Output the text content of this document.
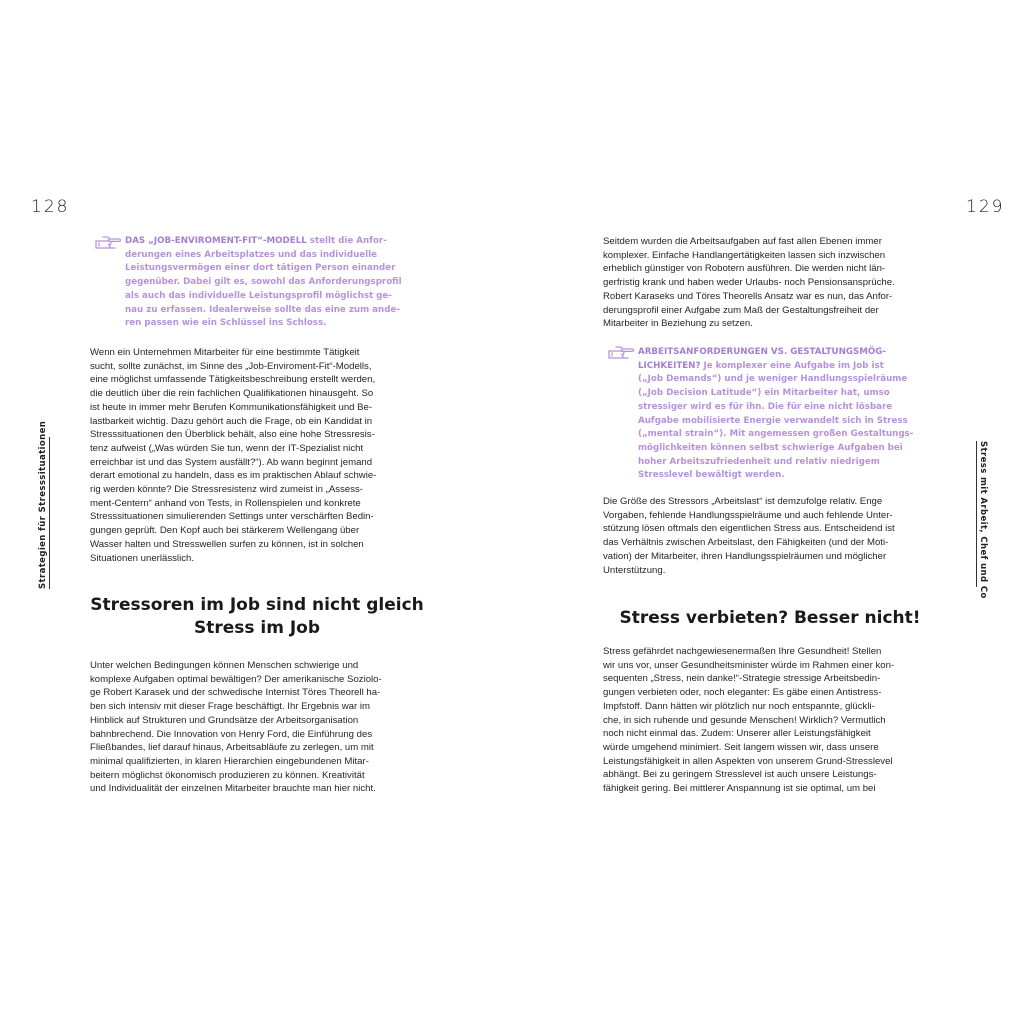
128
Strategien für Stresssituationen
DAS „JOB-ENVIROMENT-FIT“-MODELL stellt die Anfor-
derungen eines Arbeitsplatzes und das individuelle
Leistungsvermögen einer dort tätigen Person einander
gegenüber. Dabei gilt es, sowohl das Anforderungsprofil
als auch das individuelle Leistungsprofil möglichst ge-
nau zu erfassen. Idealerweise sollte das eine zum ande-
ren passen wie ein Schlüssel ins Schloss.
Wenn ein Unternehmen Mitarbeiter für eine bestimmte Tätigkeit
sucht, sollte zunächst, im Sinne des „Job-Enviroment-Fit“-Modells,
eine möglichst umfassende Tätigkeitsbeschreibung erstellt werden,
die deutlich über die rein fachlichen Qualifikationen hinausgeht. So
ist heute in immer mehr Berufen Kommunikationsfähigkeit und Be-
lastbarkeit wichtig. Dazu gehört auch die Frage, ob ein Kandidat in
Stresssituationen den Überblick behält, also eine hohe Stressresis-
tenz aufweist („Was würden Sie tun, wenn der IT-Spezialist nicht
erreichbar ist und das System ausfällt?“). Ab wann beginnt jemand
derart emotional zu handeln, dass es im praktischen Ablauf schwie-
rig werden könnte? Die Stressresistenz wird zumeist in „Assess-
ment-Centern“ anhand von Tests, in Rollenspielen und konkrete
Stresssituationen simulierenden Settings unter verschärften Bedin-
gungen geprüft. Den Kopf auch bei stärkerem Wellengang über
Wasser halten und Stresswellen surfen zu können, ist in solchen
Situationen unerlässlich.
Stressoren im Job sind nicht gleich
Stress im Job
Unter welchen Bedingungen können Menschen schwierige und
komplexe Aufgaben optimal bewältigen? Der amerikanische Soziolo-
ge Robert Karasek und der schwedische Internist Töres Theorell ha-
ben sich intensiv mit dieser Frage beschäftigt. Ihr Ergebnis war im
Hinblick auf Strukturen und Grundsätze der Arbeitsorganisation
bahnbrechend. Die Innovation von Henry Ford, die Einführung des
Fließbandes, lief darauf hinaus, Arbeitsabläufe zu zerlegen, um mit
minimal qualifizierten, in klaren Hierarchien eingebundenen Mitar-
beitern möglichst ökonomisch produzieren zu können. Kreativität
und Individualität der einzelnen Mitarbeiter brauchte man hier nicht.
129
Stress mit Arbeit, Chef und Co
Seitdem wurden die Arbeitsaufgaben auf fast allen Ebenen immer
komplexer. Einfache Handlangertätigkeiten lassen sich inzwischen
erheblich günstiger von Robotern ausführen. Die werden nicht län-
gerfristig krank und haben weder Urlaubs- noch Pensionsansprüche.
Robert Karaseks und Töres Theorells Ansatz war es nun, das Anfor-
derungsprofil einer Aufgabe zum Maß der Gestaltungsfreiheit der
Mitarbeiter in Beziehung zu setzen.
ARBEITSANFORDERUNGEN VS. GESTALTUNGSMÖG-
LICHKEITEN? Je komplexer eine Aufgabe im Job ist
(„Job Demands“) und je weniger Handlungsspielräume
(„Job Decision Latitude“) ein Mitarbeiter hat, umso
stressiger wird es für ihn. Die für eine nicht lösbare
Aufgabe mobilisierte Energie verwandelt sich in Stress
(„mental strain“). Mit angemessen großen Gestaltungs-
möglichkeiten können selbst schwierige Aufgaben bei
hoher Arbeitszufriedenheit und relativ niedrigem
Stresslevel bewältigt werden.
Die Größe des Stressors „Arbeitslast“ ist demzufolge relativ. Enge
Vorgaben, fehlende Handlungsspielräume und auch fehlende Unter-
stützung lösen oftmals den eigentlichen Stress aus. Entscheidend ist
das Verhältnis zwischen Arbeitslast, den Fähigkeiten (und der Moti-
vation) der Mitarbeiter, ihren Handlungsspielräumen und möglicher
Unterstützung.
Stress verbieten? Besser nicht!
Stress gefährdet nachgewiesenermaßen Ihre Gesundheit! Stellen
wir uns vor, unser Gesundheitsminister würde im Rahmen einer kon-
sequenten „Stress, nein danke!“-Strategie stressige Arbeitsbedin-
gungen verbieten oder, noch eleganter: Es gäbe einen Antistress-
Impfstoff. Dann hätten wir plötzlich nur noch entspannte, glückli-
che, in sich ruhende und gesunde Menschen! Wirklich? Vermutlich
noch nicht einmal das. Zudem: Unserer aller Leistungsfähigkeit
würde umgehend minimiert. Seit langem wissen wir, dass unsere
Leistungsfähigkeit in allen Aspekten von unserem Grund-Stresslevel
abhängt. Bei zu geringem Stresslevel ist auch unsere Leistungs-
fähigkeit gering. Bei mittlerer Anspannung ist sie optimal, um bei
